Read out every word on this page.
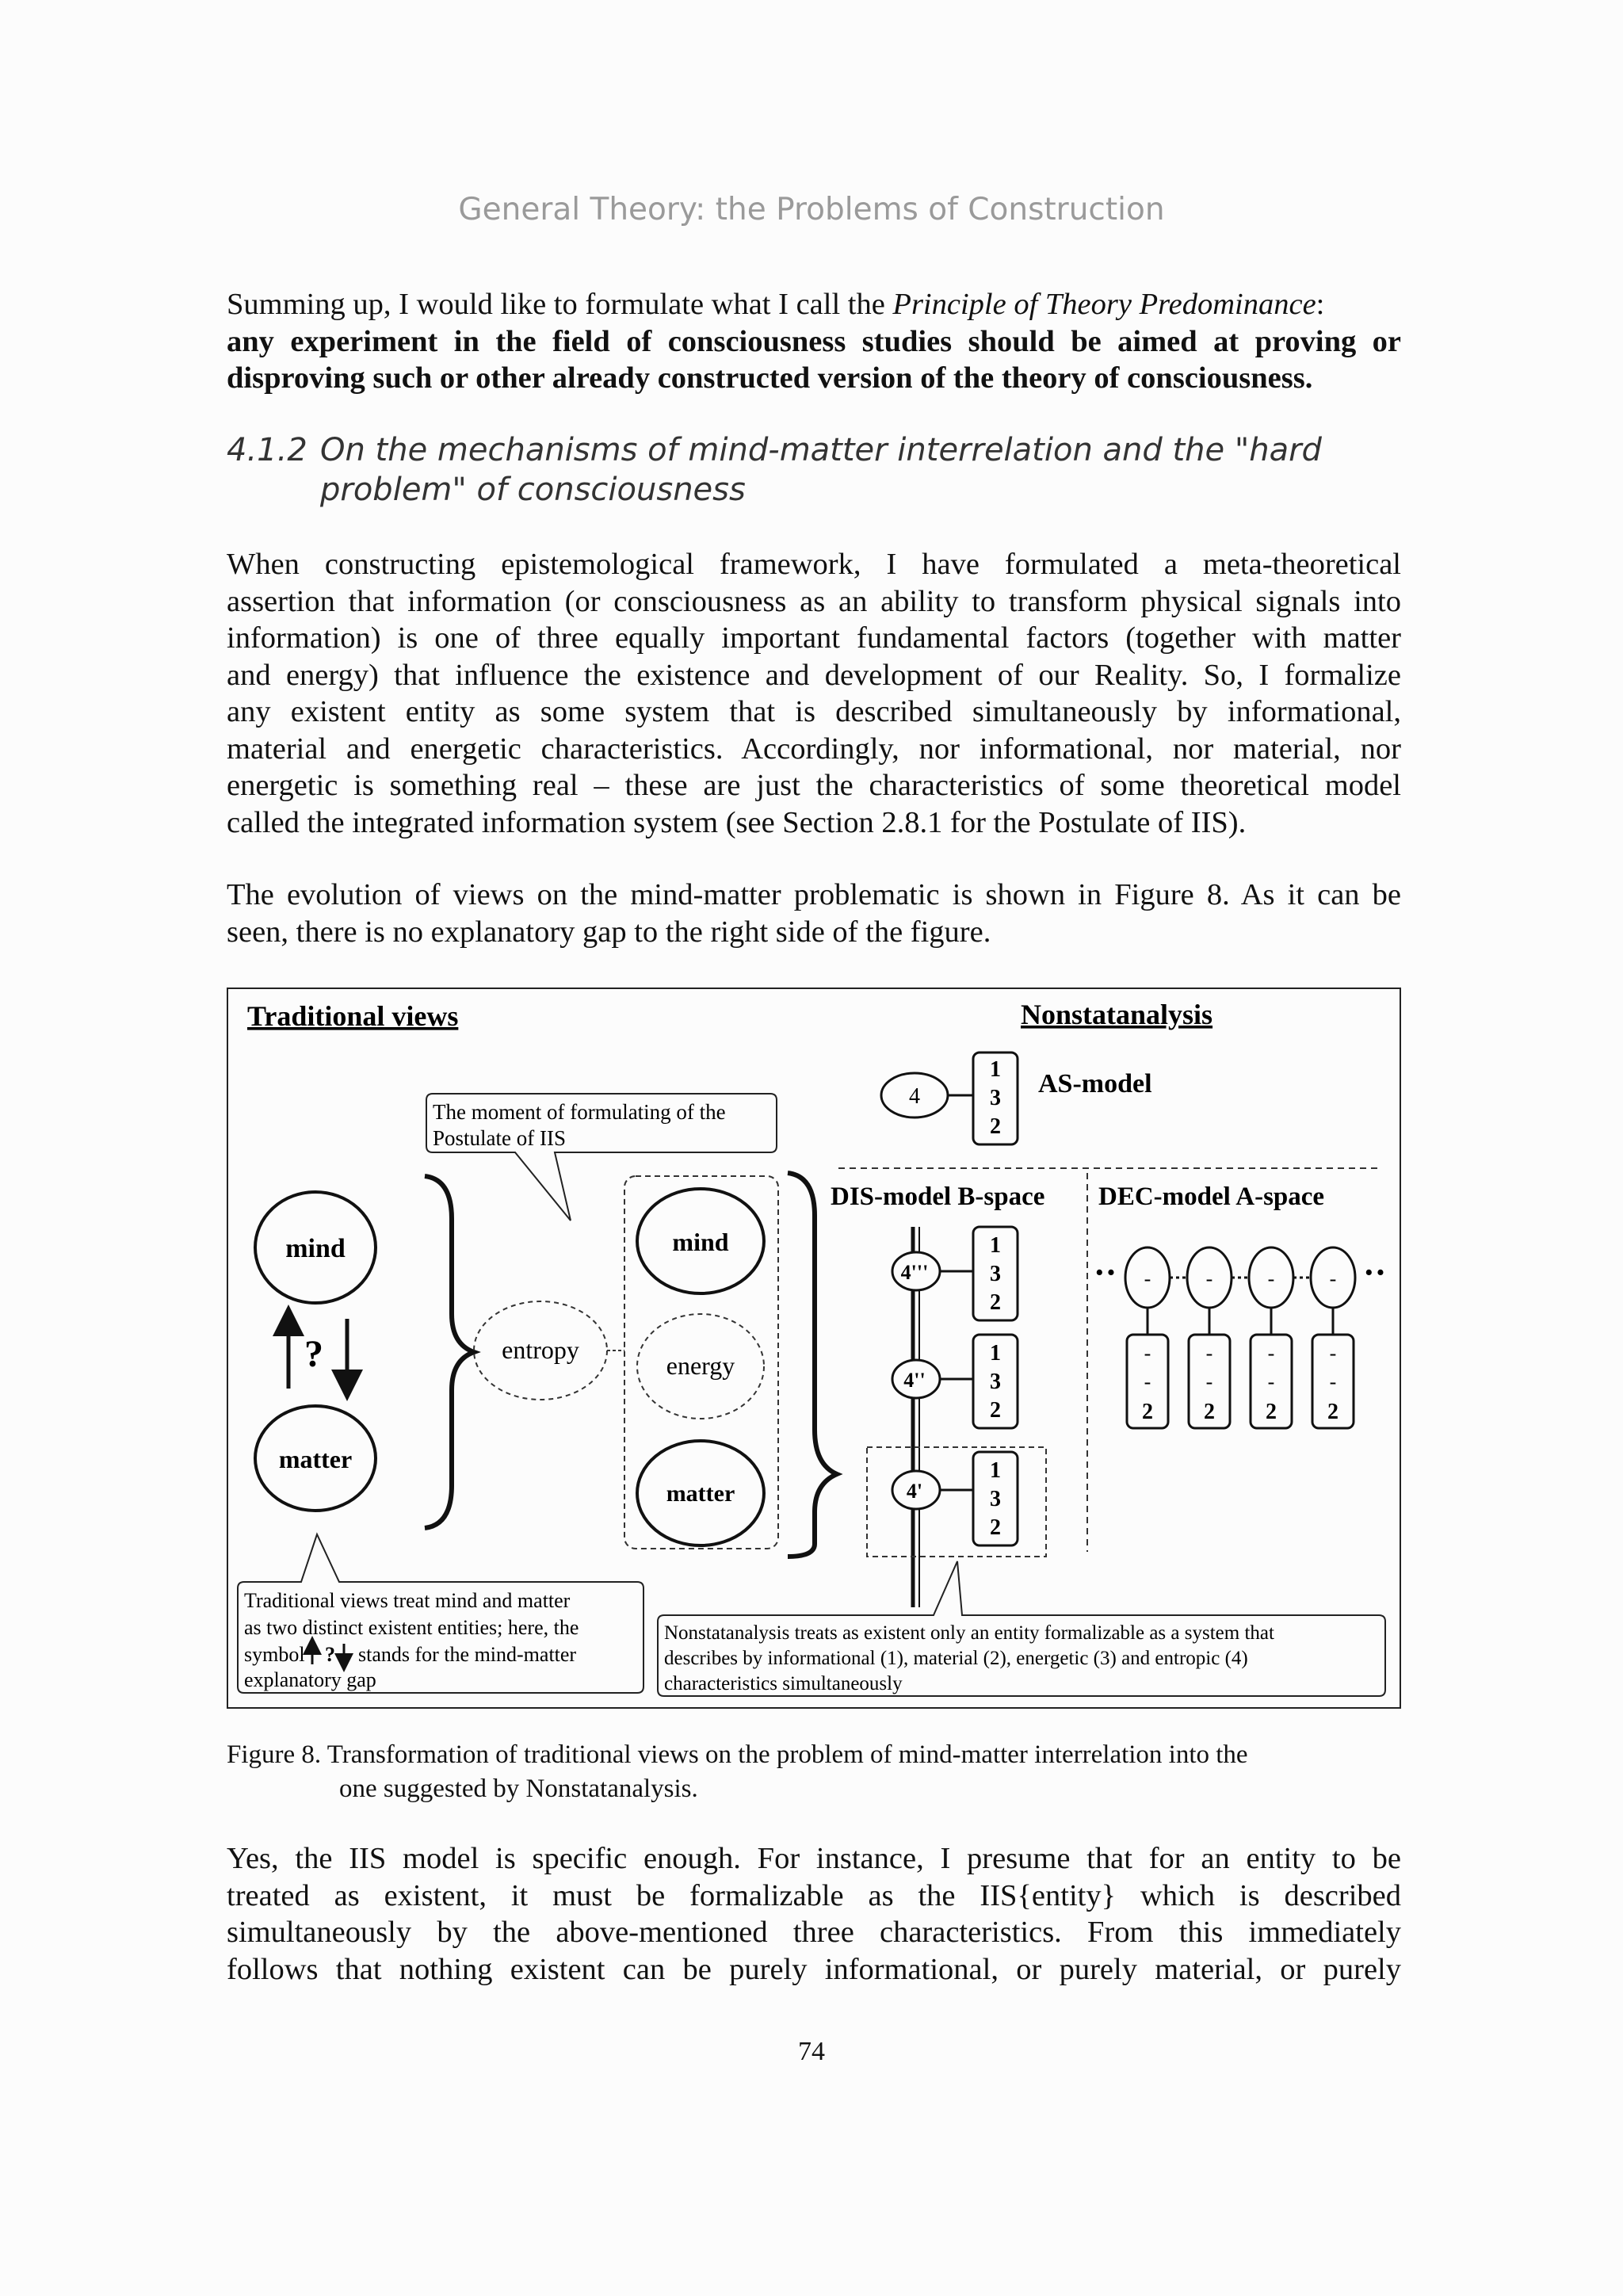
General Theory: the Problems of Construction
Summing up, I would like to formulate what I call the Principle of Theory Predominance:
any experiment in the field of consciousness studies should be aimed at proving or
disproving such or other already constructed version of the theory of consciousness.
4.1.2 On the mechanisms of mind-matter interrelation and the "hard
problem" of consciousness
When constructing epistemological framework, I have formulated a meta-theoretical
assertion that information (or consciousness as an ability to transform physical signals into
information) is one of three equally important fundamental factors (together with matter
and energy) that influence the existence and development of our Reality. So, I formalize
any existent entity as some system that is described simultaneously by informational,
material and energetic characteristics. Accordingly, nor informational, nor material, nor
energetic is something real – these are just the characteristics of some theoretical model
called the integrated information system (see Section 2.8.1 for the Postulate of IIS).
The evolution of views on the mind-matter problematic is shown in Figure 8. As it can be
seen, there is no explanatory gap to the right side of the figure.
Traditional views	Nonstatanalysis
The moment of formulating of the
Postulate of IIS
mind
matter
?	entropy
mind
energy
matter
4
1
3
2
AS-model
DIS-model B-space
4'''
1
3
2
4''
1
3
2
4'
1
3
2
DEC-model A-space
··	··
-
-
-
2
-
-
-
2
-
-
-
2
-
-
-
2
Traditional views treat mind and matter
as two distinct existent entities; here, the
symbol ? stands for the mind-matter
explanatory gap
Nonstatanalysis treats as existent only an entity formalizable as a system that
describes by informational (1), material (2), energetic (3) and entropic (4)
characteristics simultaneously
Figure 8. Transformation of traditional views on the problem of mind-matter interrelation into the
one suggested by Nonstatanalysis.
Yes, the IIS model is specific enough. For instance, I presume that for an entity to be
treated as existent, it must be formalizable as the IIS{entity} which is described
simultaneously by the above-mentioned three characteristics. From this immediately
follows that nothing existent can be purely informational, or purely material, or purely
74
